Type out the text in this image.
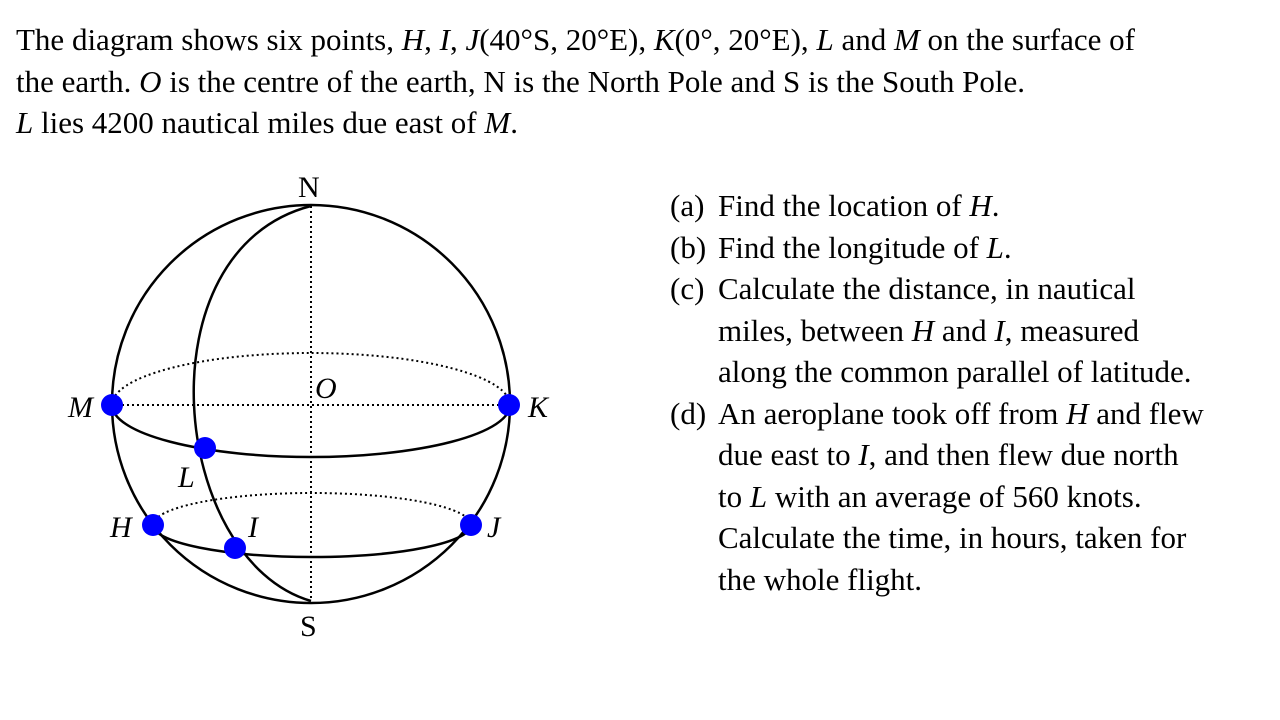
The diagram shows six points, H, I, J(40°S, 20°E), K(0°, 20°E), L and M on the surface of
the earth. O is the centre of the earth, N is the North Pole and S is the South Pole.
L lies 4200 nautical miles due east of M.
N
S
O
M	K
L
H	I	J
(a) Find the location of H.
(b) Find the longitude of L.
(c) Calculate the distance, in nautical
miles, between H and I, measured
along the common parallel of latitude.
(d) An aeroplane took off from H and flew
due east to I, and then flew due north
to L with an average of 560 knots.
Calculate the time, in hours, taken for
the whole flight.
